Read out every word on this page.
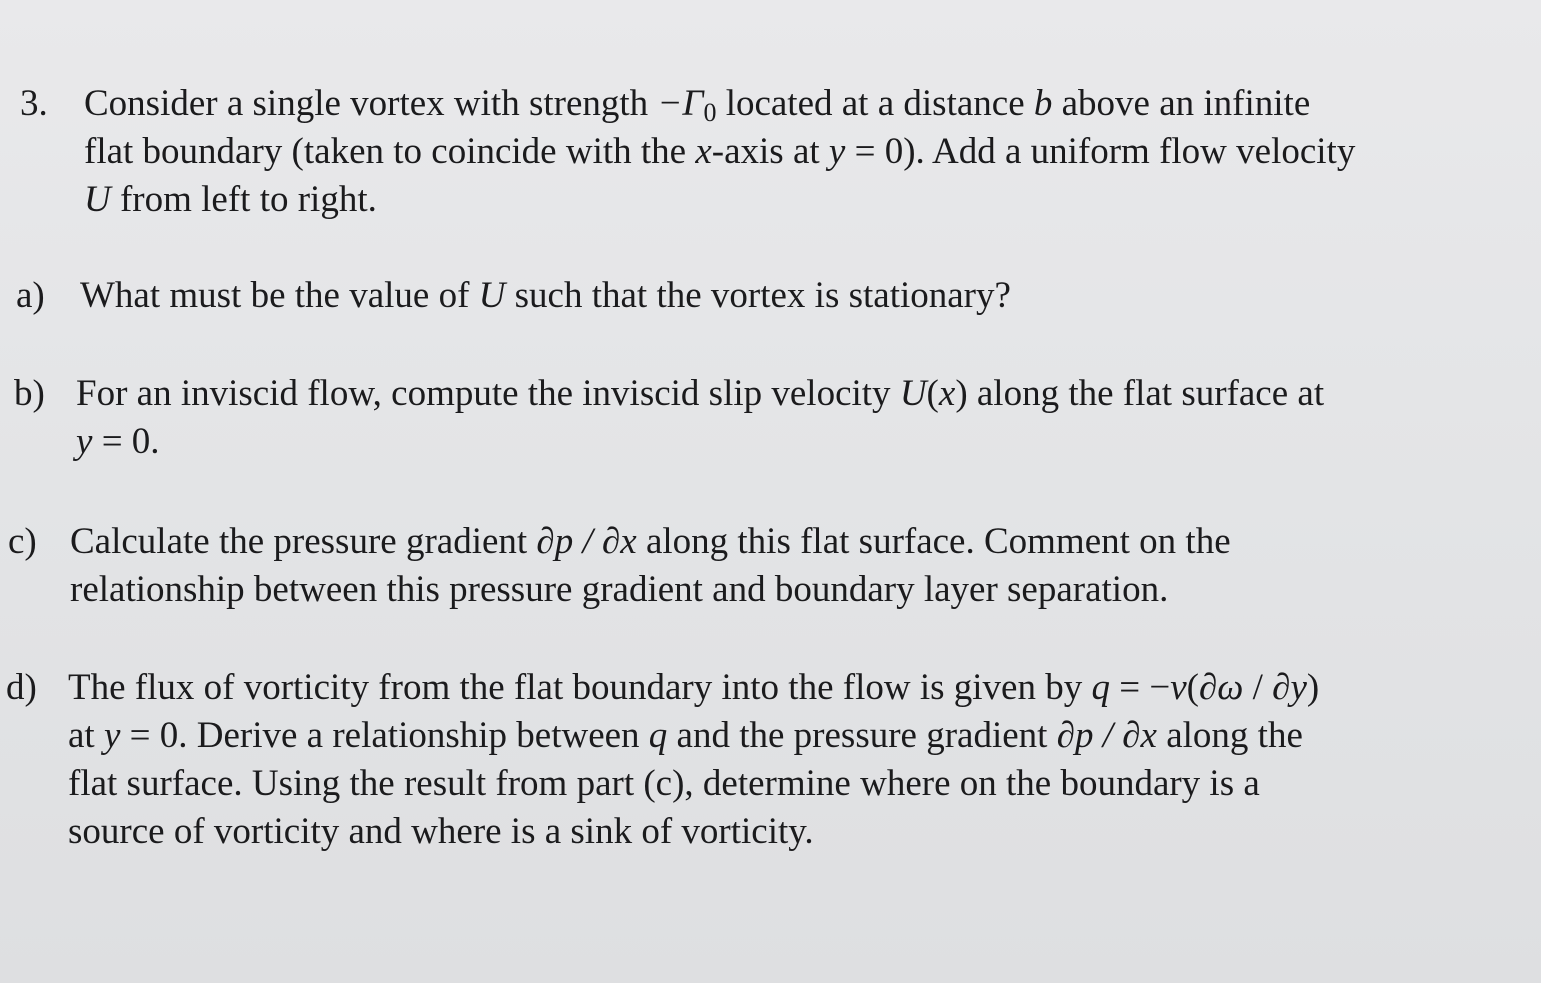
3. Consider a single vortex with strength $-\Gamma_0$ located at a distance b above an infinite
flat boundary (taken to coincide with the x-axis at y = 0). Add a uniform flow velocity
U from left to right.
a) What must be the value of U such that the vortex is stationary?
b) For an inviscid flow, compute the inviscid slip velocity U(x) along the flat surface at
y = 0.
c) Calculate the pressure gradient ∂p / ∂x along this flat surface. Comment on the
relationship between this pressure gradient and boundary layer separation.
d) The flux of vorticity from the flat boundary into the flow is given by q = −ν(∂ω / ∂y)
at y = 0. Derive a relationship between q and the pressure gradient ∂p / ∂x along the
flat surface. Using the result from part (c), determine where on the boundary is a
source of vorticity and where is a sink of vorticity.
